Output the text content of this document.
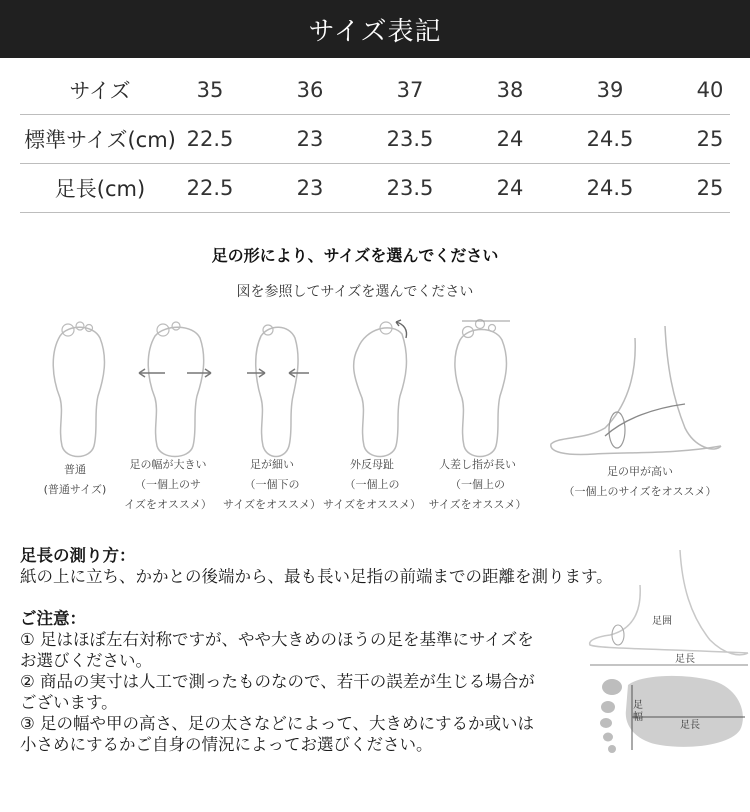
サイズ表記
サイズ	35	36	37	38	39	40
標準サイズ(cm) 22.5	23	23.5	24	24.5	25
足長(cm)	22.5	23	23.5	24	24.5	25
足の形により、サイズを選んでください
図を参照してサイズを選んでください
普通
(普通サイズ)
足の幅が大きい
（一個上のサ
イズをオススメ）
足が細い
（一個下の
サイズをオススメ）
外反母趾
（一個上の
サイズをオススメ）
人差し指が長い
（一個上の
サイズをオススメ）
足の甲が高い
（一個上のサイズをオススメ）
足長の測り方：
紙の上に立ち、かかとの後端から、最も長い足指の前端までの距離を測ります。
ご注意：
① 足はほぼ左右対称ですが、やや大きめのほうの足を基準にサイズを
お選びください。
② 商品の実寸は人工で測ったものなので、若干の誤差が生じる場合が
ございます。
③ 足の幅や甲の高さ、足の太さなどによって、大きめにするか或いは
小さめにするかご自身の情況によってお選びください。
足囲
足長
足幅
足長
